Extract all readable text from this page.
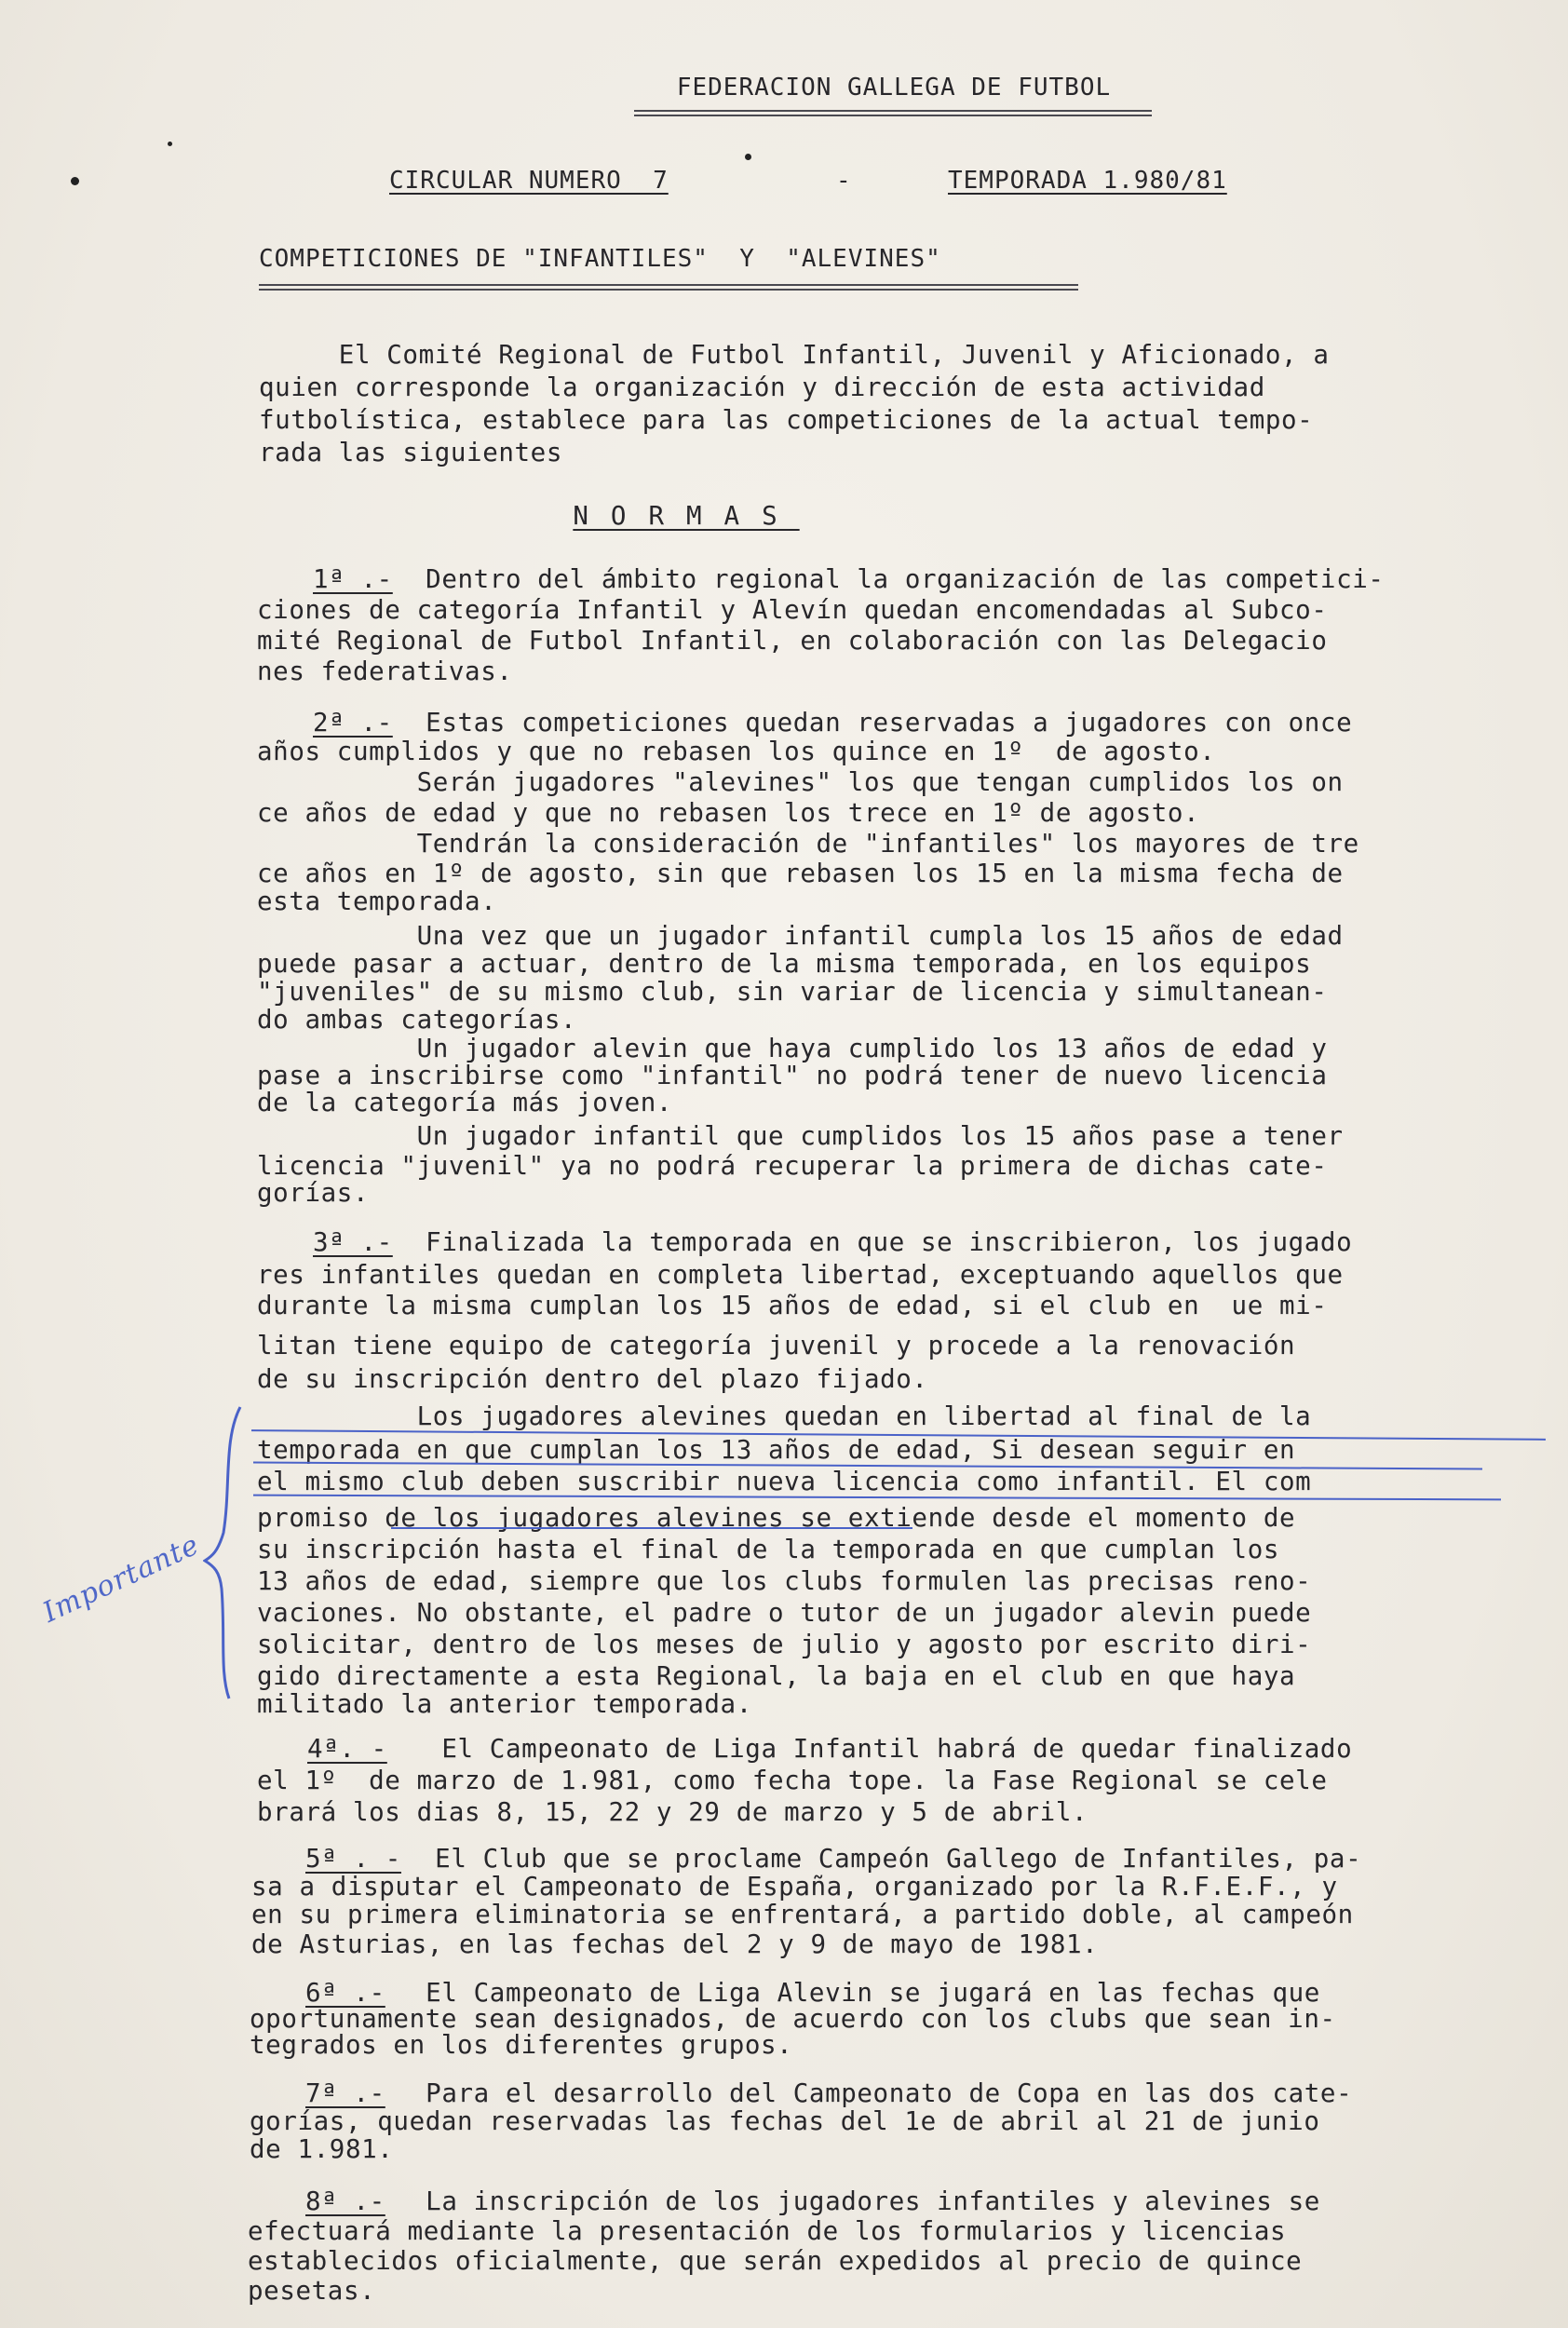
FEDERACION GALLEGA DE FUTBOL
CIRCULAR NUMERO  7	-	TEMPORADA 1.980/81
COMPETICIONES DE "INFANTILES"  Y  "ALEVINES"
El Comité Regional de Futbol Infantil, Juvenil y Aficionado, a
quien corresponde la organización y dirección de esta actividad
futbolística, establece para las competiciones de la actual tempo-
rada las siguientes
NORMAS
1ª .- Dentro del ámbito regional la organización de las competici-
ciones de categoría Infantil y Alevín quedan encomendadas al Subco-
mité Regional de Futbol Infantil, en colaboración con las Delegacio
nes federativas.
2ª .- Estas competiciones quedan reservadas a jugadores con once
años cumplidos y que no rebasen los quince en 1º  de agosto.
Serán jugadores "alevines" los que tengan cumplidos los on
ce años de edad y que no rebasen los trece en 1º de agosto.
Tendrán la consideración de "infantiles" los mayores de tre
ce años en 1º de agosto, sin que rebasen los 15 en la misma fecha de
esta temporada.
Una vez que un jugador infantil cumpla los 15 años de edad
puede pasar a actuar, dentro de la misma temporada, en los equipos
"juveniles" de su mismo club, sin variar de licencia y simultanean-
do ambas categorías.
Un jugador alevin que haya cumplido los 13 años de edad y
pase a inscribirse como "infantil" no podrá tener de nuevo licencia
de la categoría más joven.
Un jugador infantil que cumplidos los 15 años pase a tener
licencia "juvenil" ya no podrá recuperar la primera de dichas cate-
gorías.
3ª .- Finalizada la temporada en que se inscribieron, los jugado
res infantiles quedan en completa libertad, exceptuando aquellos que
durante la misma cumplan los 15 años de edad, si el club en  ue mi-
litan tiene equipo de categoría juvenil y procede a la renovación
de su inscripción dentro del plazo fijado.
Los jugadores alevines quedan en libertad al final de la
temporada en que cumplan los 13 años de edad, Si desean seguir en
el mismo club deben suscribir nueva licencia como infantil. El com
promiso de los jugadores alevines se extiende desde el momento de
su inscripción hasta el final de la temporada en que cumplan los
13 años de edad, siempre que los clubs formulen las precisas reno-
vaciones. No obstante, el padre o tutor de un jugador alevin puede
solicitar, dentro de los meses de julio y agosto por escrito diri-
gido directamente a esta Regional, la baja en el club en que haya
militado la anterior temporada.
Importante
4ª. - El Campeonato de Liga Infantil habrá de quedar finalizado
el 1º  de marzo de 1.981, como fecha tope. la Fase Regional se cele
brará los dias 8, 15, 22 y 29 de marzo y 5 de abril.
5ª . - El Club que se proclame Campeón Gallego de Infantiles, pa-
sa a disputar el Campeonato de España, organizado por la R.F.E.F., y
en su primera eliminatoria se enfrentará, a partido doble, al campeón
de Asturias, en las fechas del 2 y 9 de mayo de 1981.
6ª .- El Campeonato de Liga Alevin se jugará en las fechas que
oportunamente sean designados, de acuerdo con los clubs que sean in-
tegrados en los diferentes grupos.
7ª .- Para el desarrollo del Campeonato de Copa en las dos cate-
gorías, quedan reservadas las fechas del 1e de abril al 21 de junio
de 1.981.
8ª .- La inscripción de los jugadores infantiles y alevines se
efectuará mediante la presentación de los formularios y licencias
establecidos oficialmente, que serán expedidos al precio de quince
pesetas.
